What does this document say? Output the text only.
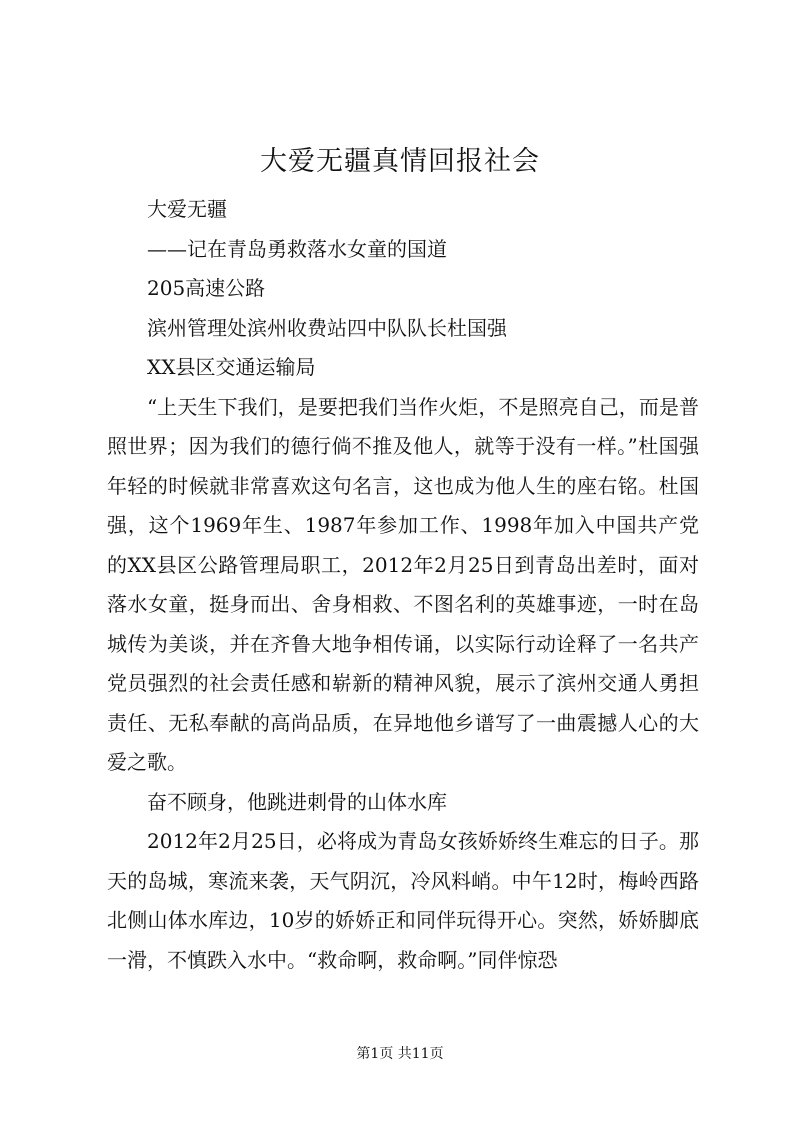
大爱无疆真情回报社会

大爱无疆

——记在青岛勇救落水女童的国道

205高速公路

滨州管理处滨州收费站四中队队长杜国强

XX县区交通运输局

“上天生下我们，是要把我们当作火炬，不是照亮自己，而是普照世界；因为我们的德行倘不推及他人，就等于没有一样。”杜国强年轻的时候就非常喜欢这句名言，这也成为他人生的座右铭。杜国强，这个1969年生、1987年参加工作、1998年加入中国共产党的XX县区公路管理局职工，2012年2月25日到青岛出差时，面对落水女童，挺身而出、舍身相救、不图名利的英雄事迹，一时在岛城传为美谈，并在齐鲁大地争相传诵，以实际行动诠释了一名共产党员强烈的社会责任感和崭新的精神风貌，展示了滨州交通人勇担责任、无私奉献的高尚品质，在异地他乡谱写了一曲震撼人心的大爱之歌。

奋不顾身，他跳进刺骨的山体水库

2012年2月25日，必将成为青岛女孩娇娇终生难忘的日子。那天的岛城，寒流来袭，天气阴沉，冷风料峭。中午12时，梅岭西路北侧山体水库边，10岁的娇娇正和同伴玩得开心。突然，娇娇脚底一滑，不慎跌入水中。“救命啊，救命啊。”同伴惊恐

第1页 共11页
